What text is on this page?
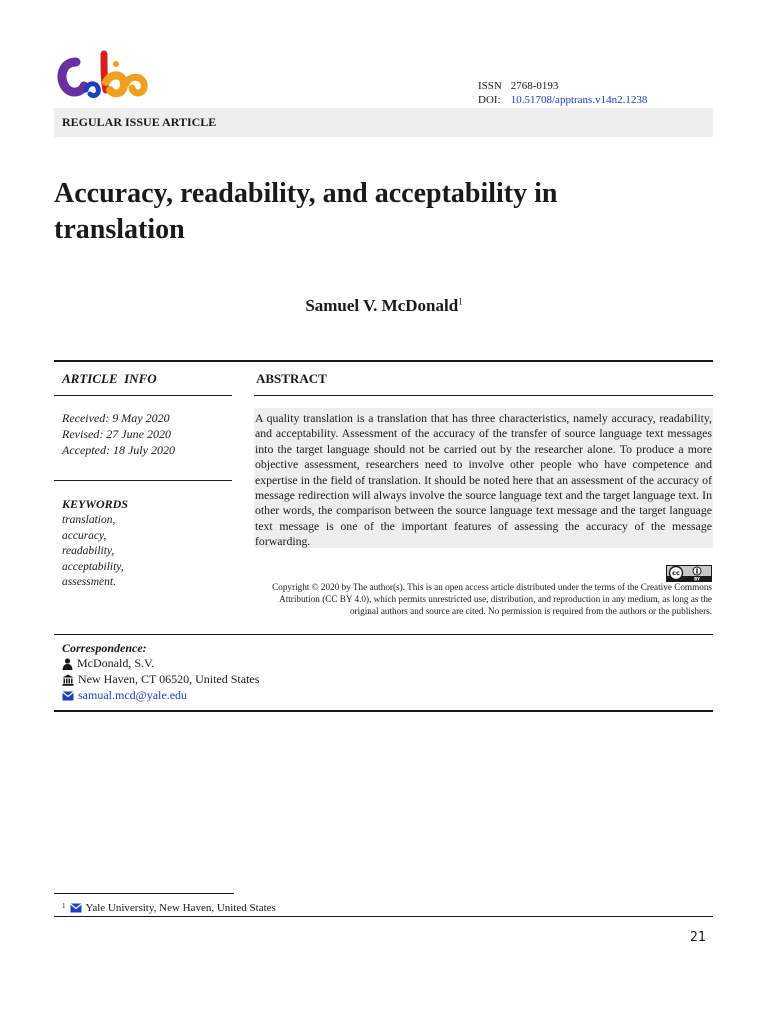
ISSN 2768-0193
DOI: 10.51708/apptrans.v14n2.1238
REGULAR ISSUE ARTICLE
Accuracy, readability, and acceptability in translation
Samuel V. McDonald$^1$
ARTICLE  INFO	ABSTRACT
Received: 9 May 2020
Revised: 27 June 2020
Accepted: 18 July 2020
KEYWORDS
translation,
accuracy,
readability,
acceptability,
assessment.

A quality translation is a translation that has three characteristics, namely accuracy, readability, and acceptability. Assessment of the accuracy of the transfer of source language text messages into the target language should not be carried out by the researcher alone. To produce a more objective assessment, researchers need to involve other people who have competence and expertise in the field of translation. It should be noted here that an assessment of the accuracy of message redirection will always involve the source language text and the target language text. In other words, the comparison between the source language text message and the target language text message is one of the important features of assessing the accuracy of the message forwarding.

cc
BY

Copyright © 2020 by The author(s). This is an open access article distributed under the terms of the Creative Commons Attribution (CC BY 4.0), which permits unrestricted use, distribution, and reproduction in any medium, as long as the original authors and source are cited. No permission is required from the authors or the publishers.

Correspondence:
McDonald, S.V.
New Haven, CT 06520, United States
samual.mcd@yale.edu
1 Yale University, New Haven, United States
21
